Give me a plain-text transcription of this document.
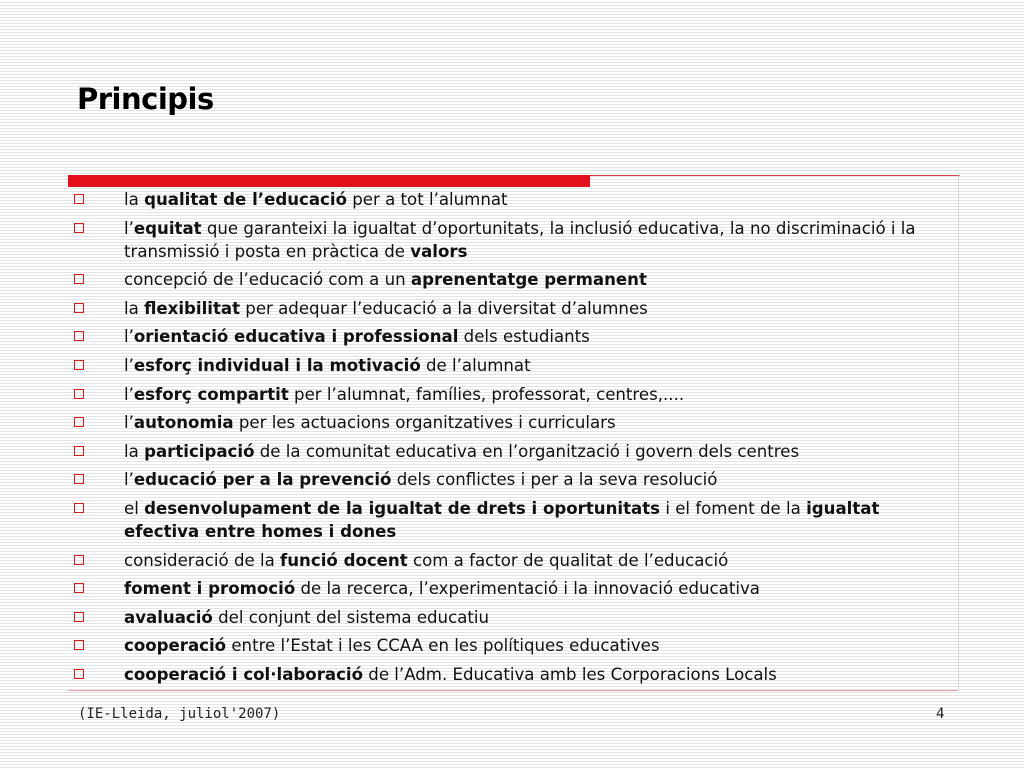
Principis
la qualitat de l’educació per a tot l’alumnat
l’equitat que garanteixi la igualtat d’oportunitats, la inclusió educativa, la no discriminació i la transmissió i posta en pràctica de valors
concepció de l’educació com a un aprenentatge permanent
la flexibilitat per adequar l’educació a la diversitat d’alumnes
l’orientació educativa i professional dels estudiants
l’esforç individual i la motivació de l’alumnat
l’esforç compartit per l’alumnat, famílies, professorat, centres,....
l’autonomia per les actuacions organitzatives i curriculars
la participació de la comunitat educativa en l’organització i govern dels centres
l’educació per a la prevenció dels conflictes i per a la seva resolució
el desenvolupament de la igualtat de drets i oportunitats i el foment de la igualtat efectiva entre homes i dones
consideració de la funció docent com a factor de qualitat de l’educació
foment i promoció de la recerca, l’experimentació i la innovació educativa
avaluació del conjunt del sistema educatiu
cooperació entre l’Estat i les CCAA en les polítiques educatives
cooperació i col·laboració de l’Adm. Educativa amb les Corporacions Locals
(IE-Lleida, juliol'2007)	4
